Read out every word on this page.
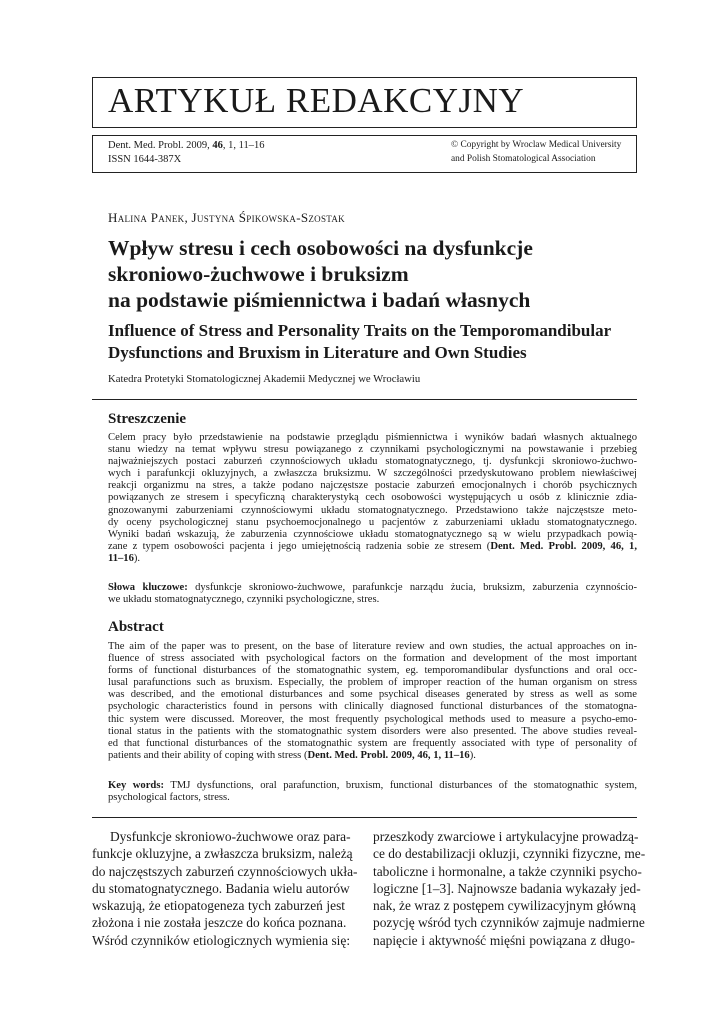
ARTYKUŁ REDAKCYJNY
Dent. Med. Probl. 2009, 46, 1, 11–16
ISSN 1644-387X
© Copyright by Wroclaw Medical University
and Polish Stomatological Association
Halina Panek, Justyna Śpikowska-Szostak
Wpływ stresu i cech osobowości na dysfunkcje
skroniowo-żuchwowe i bruksizm
na podstawie piśmiennictwa i badań własnych
Influence of Stress and Personality Traits on the Temporomandibular
Dysfunctions and Bruxism in Literature and Own Studies
Katedra Protetyki Stomatologicznej Akademii Medycznej we Wrocławiu
Streszczenie
Celem pracy było przedstawienie na podstawie przeglądu piśmiennictwa i wyników badań własnych aktualnego
stanu wiedzy na temat wpływu stresu powiązanego z czynnikami psychologicznymi na powstawanie i przebieg
najważniejszych postaci zaburzeń czynnościowych układu stomatognatycznego, tj. dysfunkcji skroniowo-żuchwo-
wych i parafunkcji okluzyjnych, a zwłaszcza bruksizmu. W szczególności przedyskutowano problem niewłaściwej
reakcji organizmu na stres, a także podano najczęstsze postacie zaburzeń emocjonalnych i chorób psychicznych
powiązanych ze stresem i specyficzną charakterystyką cech osobowości występujących u osób z klinicznie zdia-
gnozowanymi zaburzeniami czynnościowymi układu stomatognatycznego. Przedstawiono także najczęstsze meto-
dy oceny psychologicznej stanu psychoemocjonalnego u pacjentów z zaburzeniami układu stomatognatycznego.
Wyniki badań wskazują, że zaburzenia czynnościowe układu stomatognatycznego są w wielu przypadkach powią-
zane z typem osobowości pacjenta i jego umiejętnością radzenia sobie ze stresem (Dent. Med. Probl. 2009, 46, 1,
11–16).
Słowa kluczowe: dysfunkcje skroniowo-żuchwowe, parafunkcje narządu żucia, bruksizm, zaburzenia czynnościo-
we układu stomatognatycznego, czynniki psychologiczne, stres.
Abstract
The aim of the paper was to present, on the base of literature review and own studies, the actual approaches on in-
fluence of stress associated with psychological factors on the formation and development of the most important
forms of functional disturbances of the stomatognathic system, eg. temporomandibular dysfunctions and oral occ-
lusal parafunctions such as bruxism. Especially, the problem of improper reaction of the human organism on stress
was described, and the emotional disturbances and some psychical diseases generated by stress as well as some
psychologic characteristics found in persons with clinically diagnosed functional disturbances of the stomatogna-
thic system were discussed. Moreover, the most frequently psychological methods used to measure a psycho-emo-
tional status in the patients with the stomatognathic system disorders were also presented. The above studies reveal-
ed that functional disturbances of the stomatognathic system are frequently associated with type of personality of
patients and their ability of coping with stress (Dent. Med. Probl. 2009, 46, 1, 11–16).
Key words: TMJ dysfunctions, oral parafunction, bruxism, functional disturbances of the stomatognathic system,
psychological factors, stress.
Dysfunkcje skroniowo-żuchwowe oraz para-
funkcje okluzyjne, a zwłaszcza bruksizm, należą
do najczęstszych zaburzeń czynnościowych ukła-
du stomatognatycznego. Badania wielu autorów
wskazują, że etiopatogeneza tych zaburzeń jest
złożona i nie została jeszcze do końca poznana.
Wśród czynników etiologicznych wymienia się:
przeszkody zwarciowe i artykulacyjne prowadzą-
ce do destabilizacji okluzji, czynniki fizyczne, me-
taboliczne i hormonalne, a także czynniki psycho-
logiczne [1–3]. Najnowsze badania wykazały jed-
nak, że wraz z postępem cywilizacyjnym główną
pozycję wśród tych czynników zajmuje nadmierne
napięcie i aktywność mięśni powiązana z długo-
